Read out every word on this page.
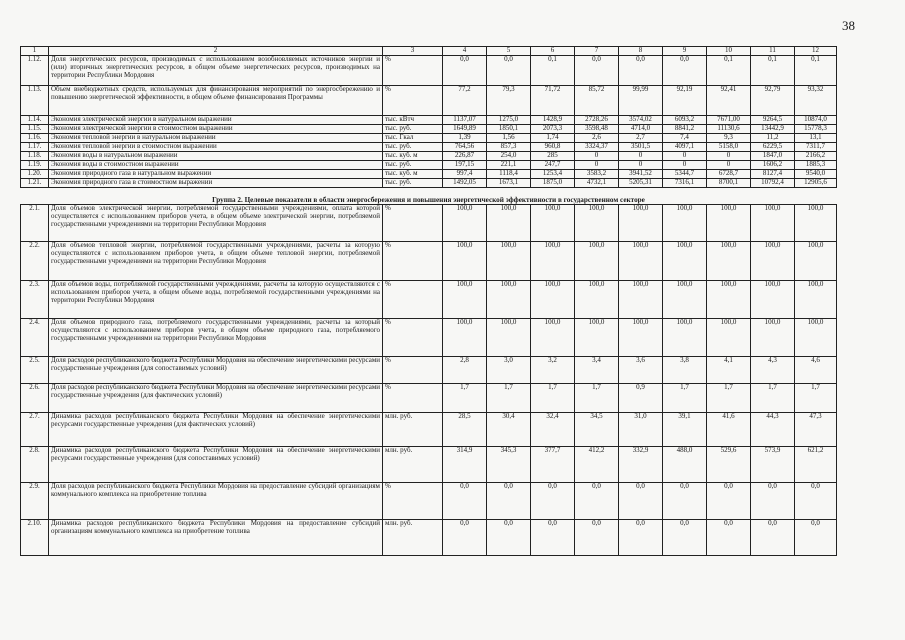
38
1	2	3	4	5	6	7	8	9	10	11	12
1.12.	Доля энергетических ресурсов, производимых с использованием возобновляемых источников энергии и (или) вторичных энергетических ресурсов, в общем объеме энергетических ресурсов, производимых на территории Республики Мордовия	%	0,0	0,0	0,1	0,0	0,0	0,0	0,1	0,1	0,1
1.13.	Объем внебюджетных средств, используемых для финансирования мероприятий по энергосбережению и повышению энергетической эффективности, в общем объеме финансирования Программы	%	77,2	79,3	71,72	85,72	99,99	92,19	92,41	92,79	93,32
1.14.	Экономия электрической энергии в натуральном выражении	тыс. кВтч	1137,07	1275,0	1428,9	2728,26	3574,02	6093,2	7671,00	9264,5	10874,0
1.15.	Экономия электрической энергии в стоимостном выражении	тыс. руб.	1649,89	1850,1	2073,3	3598,48	4714,0	8841,2	11130,6	13442,9	15778,3
1.16.	Экономия тепловой энергии в натуральном выражении	тыс. Гкал	1,39	1,56	1,74	2,6	2,7	7,4	9,3	11,2	13,1
1.17.	Экономия тепловой энергии в стоимостном выражении	тыс. руб.	764,56	857,3	960,8	3324,37	3501,5	4097,1	5158,0	6229,5	7311,7
1.18.	Экономия воды в натуральном выражении	тыс. куб. м	226,87	254,0	285	0	0	0	0	1847,0	2166,2
1.19.	Экономия воды в стоимостном выражении	тыс. руб.	197,15	221,1	247,7	0	0	0	0	1606,2	1885,3
1.20.	Экономия природного газа в натуральном выражении	тыс. куб. м	997,4	1118,4	1253,4	3583,2	3941,52	5344,7	6728,7	8127,4	9540,0
1.21.	Экономия природного газа в стоимостном выражении	тыс. руб.	1492,05	1673,1	1875,0	4732,1	5205,31	7316,1	8700,1	10792,4	12905,6
Группа 2. Целевые показатели в области энергосбережения и повышения энергетической эффективности в государственном секторе											
2.1.	Доля объемов электрической энергии, потребляемой государственными учреждениями, оплата которой осуществляется с использованием приборов учета, в общем объеме электрической энергии, потребляемой государственными учреждениями на территории Республики Мордовия	%	100,0	100,0	100,0	100,0	100,0	100,0	100,0	100,0	100,0
2.2.	Доля объемов тепловой энергии, потребляемой государственными учреждениями, расчеты за которую осуществляются с использованием приборов учета, в общем объеме тепловой энергии, потребляемой государственными учреждениями на территории Республики Мордовия	%	100,0	100,0	100,0	100,0	100,0	100,0	100,0	100,0	100,0
2.3.	Доля объемов воды, потребляемой государственными учреждениями, расчеты за которую осуществляются с использованием приборов учета, в общем объеме воды, потребляемой государственными учреждениями на территории Республики Мордовия	%	100,0	100,0	100,0	100,0	100,0	100,0	100,0	100,0	100,0
2.4.	Доля объемов природного газа, потребляемого государственными учреждениями, расчеты за который осуществляются с использованием приборов учета, в общем объеме природного газа, потребляемого государственными учреждениями на территории Республики Мордовия	%	100,0	100,0	100,0	100,0	100,0	100,0	100,0	100,0	100,0
2.5.	Доля расходов республиканского бюджета Республики Мордовия на обеспечение энергетическими ресурсами государственные учреждения (для сопоставимых условий)	%	2,8	3,0	3,2	3,4	3,6	3,8	4,1	4,3	4,6
2.6.	Доля расходов республиканского бюджета Республики Мордовия на обеспечение энергетическими ресурсами государственные учреждения (для фактических условий)	%	1,7	1,7	1,7	1,7	0,9	1,7	1,7	1,7	1,7
2.7.	Динамика расходов республиканского бюджета Республики Мордовия на обеспечение энергетическими ресурсами государственные учреждения (для фактических условий)	млн. руб.	28,5	30,4	32,4	34,5	31,0	39,1	41,6	44,3	47,3
2.8.	Динамика расходов республиканского бюджета Республики Мордовия на обеспечение энергетическими ресурсами государственные учреждения (для сопоставимых условий)	млн. руб.	314,9	345,3	377,7	412,2	332,9	488,0	529,6	573,9	621,2
2.9.	Доля расходов республиканского бюджета Республики Мордовия на предоставление субсидий организациям коммунального комплекса на приобретение топлива	%	0,0	0,0	0,0	0,0	0,0	0,0	0,0	0,0	0,0
2.10.	Динамика расходов республиканского бюджета Республики Мордовия на предоставление субсидий организациям коммунального комплекса на приобретение топлива	млн. руб.	0,0	0,0	0,0	0,0	0,0	0,0	0,0	0,0	0,0
